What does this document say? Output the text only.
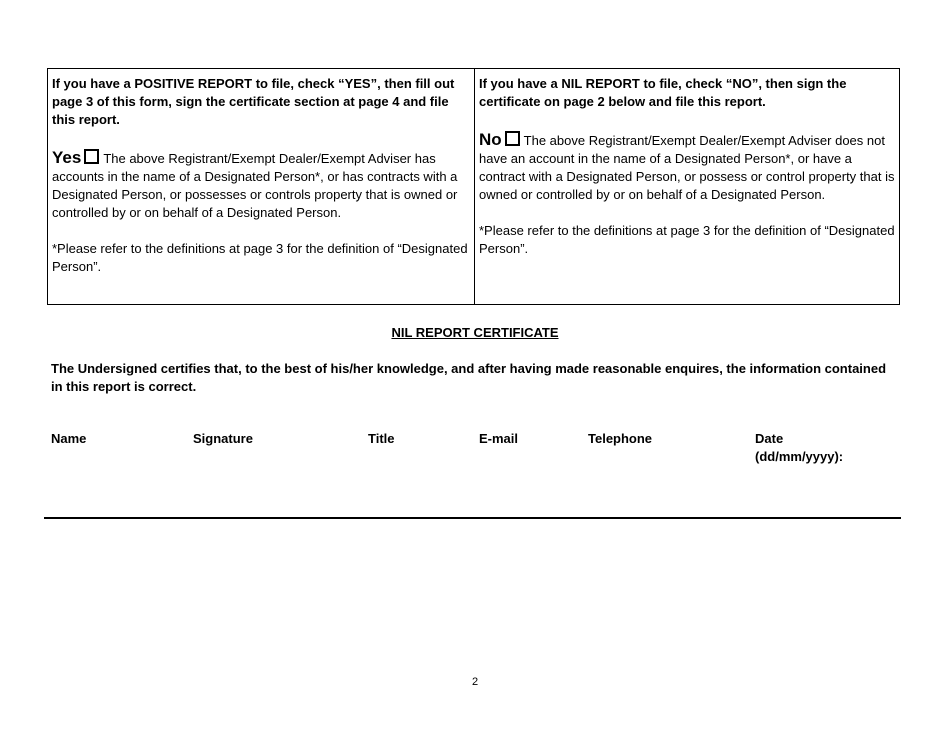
If you have a POSITIVE REPORT to file, check “YES”, then fill out page 3 of this form, sign the certificate section at page 4 and file this report.

Yes The above Registrant/Exempt Dealer/Exempt Adviser has accounts in the name of a Designated Person*, or has contracts with a Designated Person, or possesses or controls property that is owned or controlled by or on behalf of a Designated Person.
*Please refer to the definitions at page 3 for the definition of “Designated Person”.

If you have a NIL REPORT to file, check “NO”, then sign the certificate on page 2 below and file this report.

No The above Registrant/Exempt Dealer/Exempt Adviser does not have an account in the name of a Designated Person*, or have a contract with a Designated Person, or possess or control property that is owned or controlled by or on behalf of a Designated Person.
*Please refer to the definitions at page 3 for the definition of “Designated Person”.
NIL REPORT CERTIFICATE
The Undersigned certifies that, to the best of his/her knowledge, and after having made reasonable enquires, the information contained in this report is correct.
Name	Signature	Title	E-mail	Telephone	Date
(dd/mm/yyyy):
2
